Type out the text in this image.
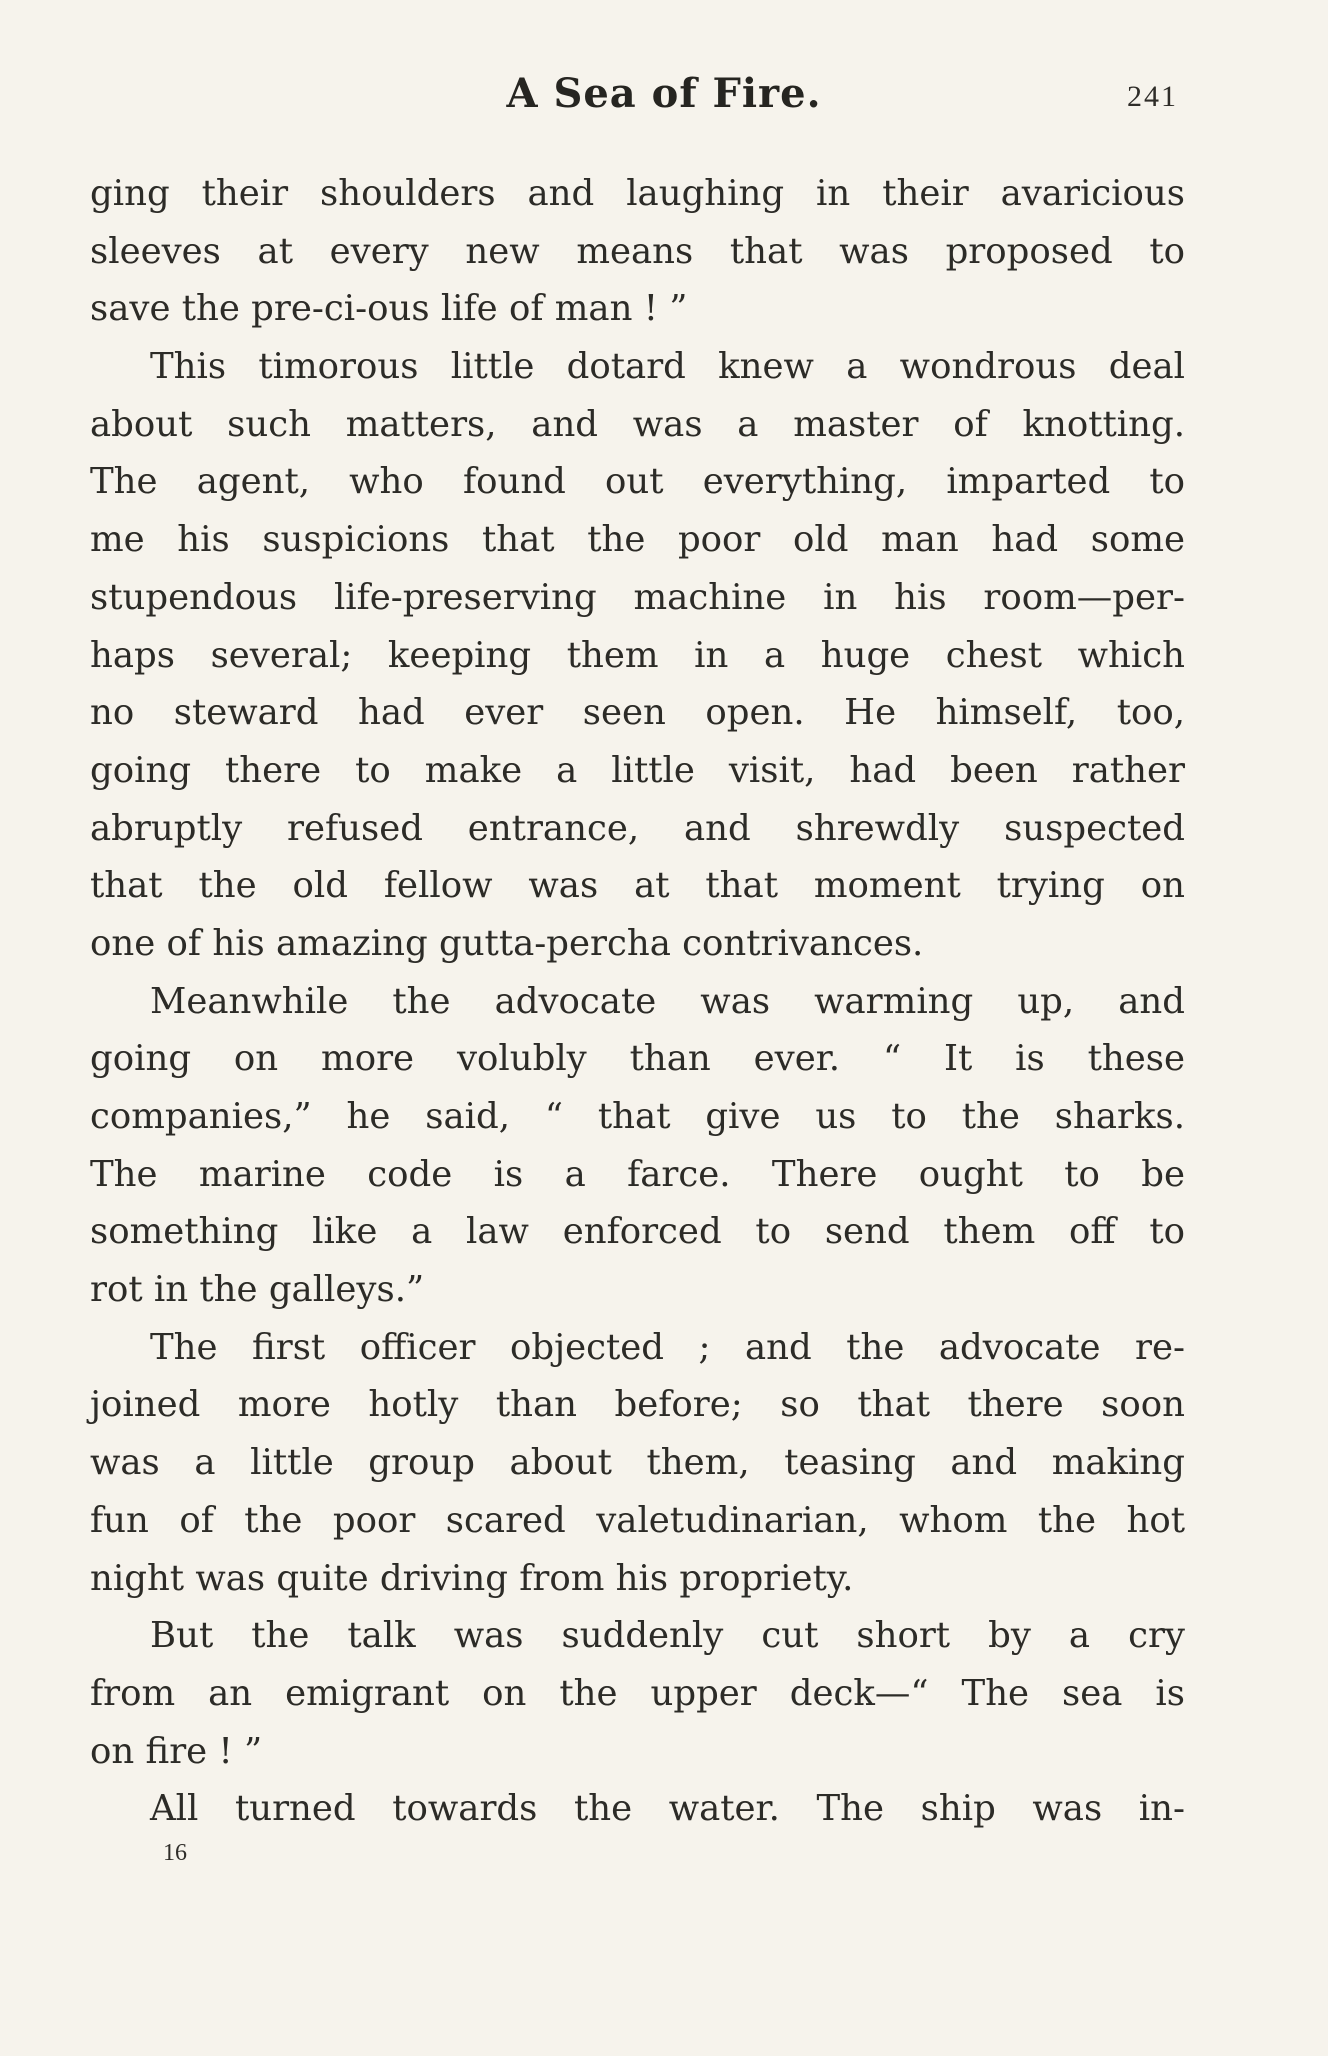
A Sea of Fire.	241
ging their shoulders and laughing in their avaricious
sleeves at every new means that was proposed to
save the pre-ci-ous life of man ! ”
This timorous little dotard knew a wondrous deal
about such matters, and was a master of knotting.
The agent, who found out everything, imparted to
me his suspicions that the poor old man had some
stupendous life-preserving machine in his room—per-
haps several; keeping them in a huge chest which
no steward had ever seen open. He himself, too,
going there to make a little visit, had been rather
abruptly refused entrance, and shrewdly suspected
that the old fellow was at that moment trying on
one of his amazing gutta-percha contrivances.
Meanwhile the advocate was warming up, and
going on more volubly than ever. “ It is these
companies,” he said, “ that give us to the sharks.
The marine code is a farce. There ought to be
something like a law enforced to send them off to
rot in the galleys.”
The first officer objected ; and the advocate re-
joined more hotly than before; so that there soon
was a little group about them, teasing and making
fun of the poor scared valetudinarian, whom the hot
night was quite driving from his propriety.
But the talk was suddenly cut short by a cry
from an emigrant on the upper deck—“ The sea is
on fire ! ”
All turned towards the water. The ship was in-
16
